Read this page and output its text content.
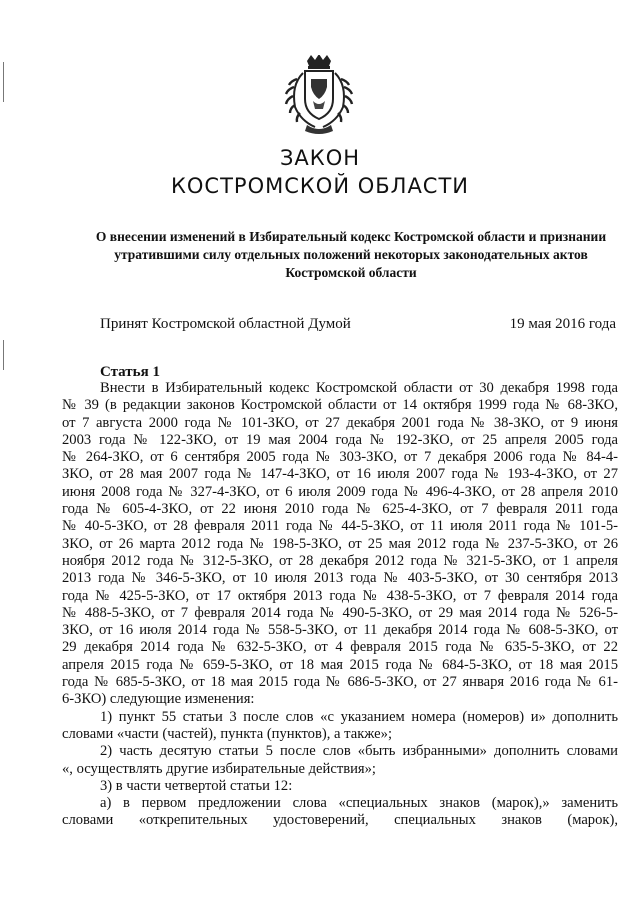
ЗАКОН
КОСТРОМСКОЙ ОБЛАСТИ
О внесении изменений в Избирательный кодекс Костромской области и признании
утратившими силу отдельных положений некоторых законодательных актов
Костромской области
Принят Костромской областной Думой	19 мая 2016 года
Статья 1
Внести в Избирательный кодекс Костромской области от 30 декабря 1998 года
№ 39 (в редакции законов Костромской области от 14 октября 1999 года № 68-ЗКО,
от 7 августа 2000 года № 101-ЗКО, от 27 декабря 2001 года № 38-ЗКО, от 9 июня
2003 года № 122-ЗКО, от 19 мая 2004 года № 192-ЗКО, от 25 апреля 2005 года
№ 264-ЗКО, от 6 сентября 2005 года № 303-ЗКО, от 7 декабря 2006 года № 84-4-
ЗКО, от 28 мая 2007 года № 147-4-ЗКО, от 16 июля 2007 года № 193-4-ЗКО, от 27
июня 2008 года № 327-4-ЗКО, от 6 июля 2009 года № 496-4-ЗКО, от 28 апреля 2010
года № 605-4-ЗКО, от 22 июня 2010 года № 625-4-ЗКО, от 7 февраля 2011 года
№ 40-5-ЗКО, от 28 февраля 2011 года № 44-5-ЗКО, от 11 июля 2011 года № 101-5-
ЗКО, от 26 марта 2012 года № 198-5-ЗКО, от 25 мая 2012 года № 237-5-ЗКО, от 26
ноября 2012 года № 312-5-ЗКО, от 28 декабря 2012 года № 321-5-ЗКО, от 1 апреля
2013 года № 346-5-ЗКО, от 10 июля 2013 года № 403-5-ЗКО, от 30 сентября 2013
года № 425-5-ЗКО, от 17 октября 2013 года № 438-5-ЗКО, от 7 февраля 2014 года
№ 488-5-ЗКО, от 7 февраля 2014 года № 490-5-ЗКО, от 29 мая 2014 года № 526-5-
ЗКО, от 16 июля 2014 года № 558-5-ЗКО, от 11 декабря 2014 года № 608-5-ЗКО, от
29 декабря 2014 года № 632-5-ЗКО, от 4 февраля 2015 года № 635-5-ЗКО, от 22
апреля 2015 года № 659-5-ЗКО, от 18 мая 2015 года № 684-5-ЗКО, от 18 мая 2015
года № 685-5-ЗКО, от 18 мая 2015 года № 686-5-ЗКО, от 27 января 2016 года № 61-
6-ЗКО) следующие изменения:
1) пункт 55 статьи 3 после слов «с указанием номера (номеров) и» дополнить
словами «части (частей), пункта (пунктов), а также»;
2) часть десятую статьи 5 после слов «быть избранными» дополнить словами
«, осуществлять другие избирательные действия»;
3) в части четвертой статьи 12:
а) в первом предложении слова «специальных знаков (марок),» заменить
словами «открепительных удостоверений, специальных знаков (марок),
